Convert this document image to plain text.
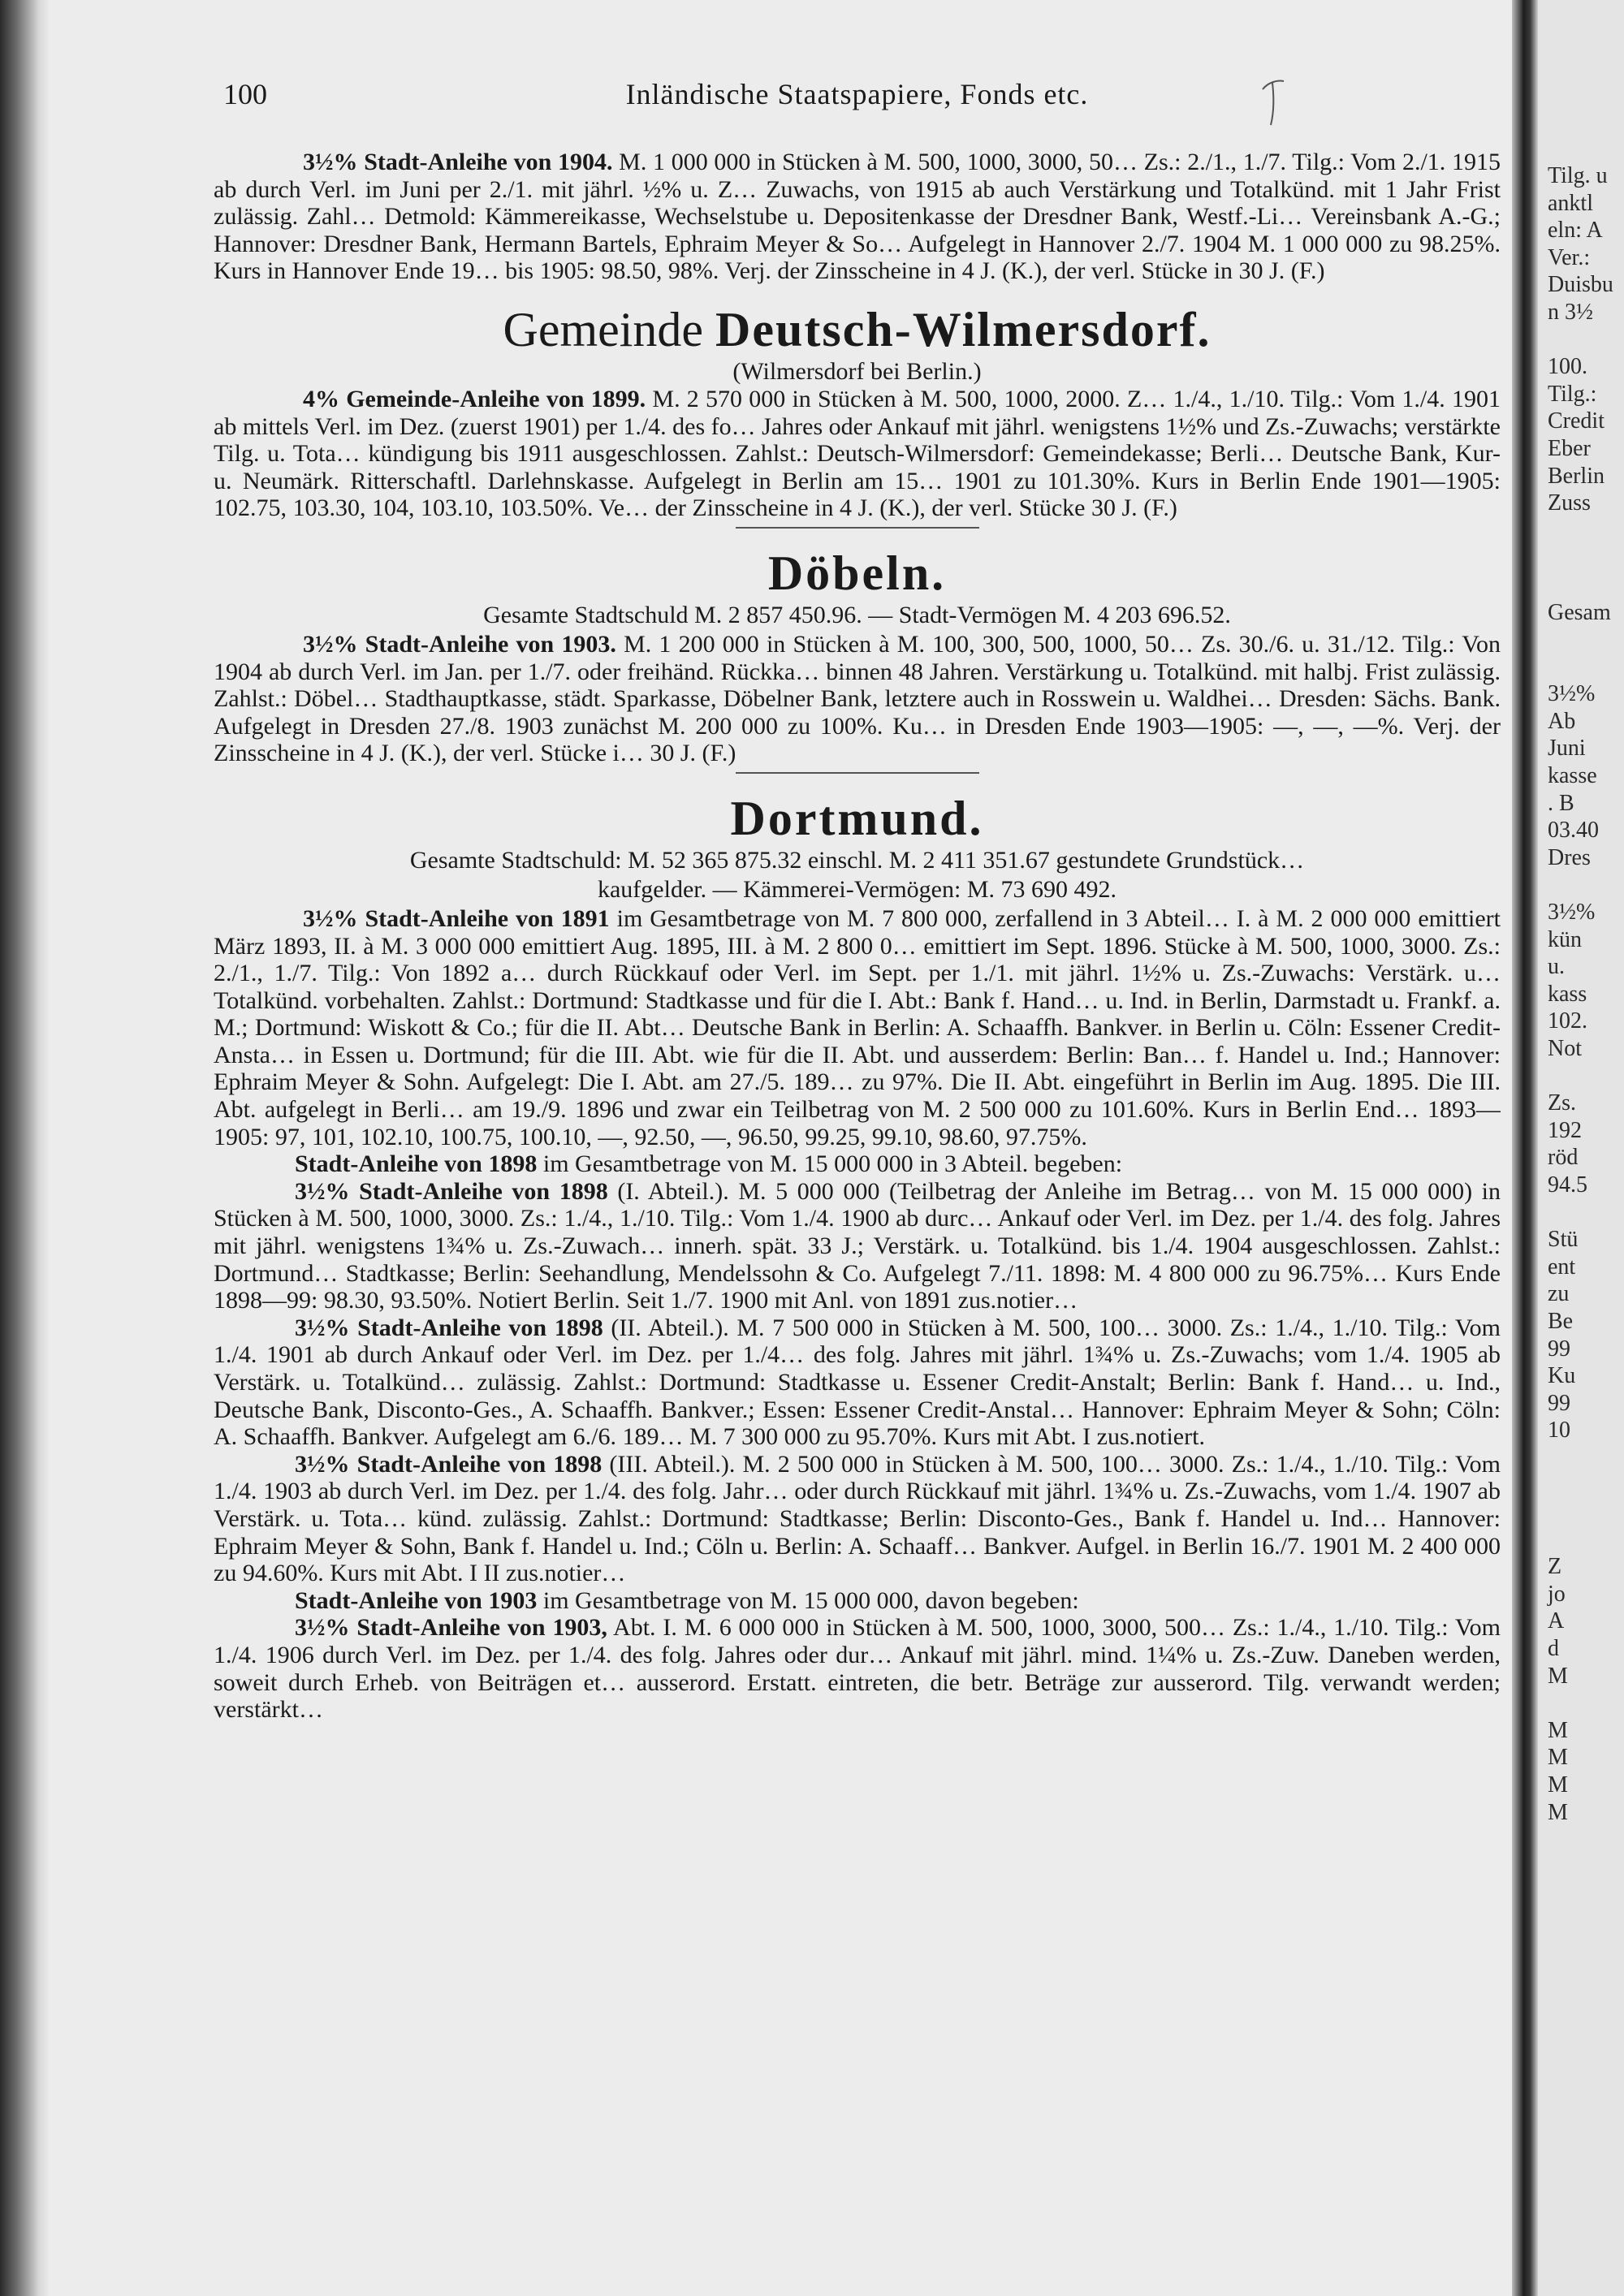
Tilg. u
anktl
eln: A
Ver.:
Duisbu
n 3½

100.
Tilg.:
Credit
Eber
Berlin
Zuss

Gesam

3½%
Ab
Juni
kasse
. B
03.40
Dres

3½%
kün
u.
kass
102.
Not

Zs.
192
röd
94.5

Stü
ent
zu
Be
99
Ku
99
10

Z
jo
A
d
M

M
M
M
M
100	Inländische Staatspapiere, Fonds etc.

3½% Stadt-Anleihe von 1904. M. 1 000 000 in Stücken à M. 500, 1000, 3000, 50… Zs.: 2./1., 1./7. Tilg.: Vom 2./1. 1915 ab durch Verl. im Juni per 2./1. mit jährl. ½% u. Z… Zuwachs, von 1915 ab auch Verstärkung und Totalkünd. mit 1 Jahr Frist zulässig. Zahl… Detmold: Kämmereikasse, Wechselstube u. Depositenkasse der Dresdner Bank, Westf.-Li… Vereinsbank A.-G.; Hannover: Dresdner Bank, Hermann Bartels, Ephraim Meyer & So… Aufgelegt in Hannover 2./7. 1904 M. 1 000 000 zu 98.25%. Kurs in Hannover Ende 19… bis 1905: 98.50, 98%. Verj. der Zinsscheine in 4 J. (K.), der verl. Stücke in 30 J. (F.)

Gemeinde Deutsch-Wilmersdorf.

(Wilmersdorf bei Berlin.)

4% Gemeinde-Anleihe von 1899. M. 2 570 000 in Stücken à M. 500, 1000, 2000. Z… 1./4., 1./10. Tilg.: Vom 1./4. 1901 ab mittels Verl. im Dez. (zuerst 1901) per 1./4. des fo… Jahres oder Ankauf mit jährl. wenigstens 1½% und Zs.-Zuwachs; verstärkte Tilg. u. Tota… kündigung bis 1911 ausgeschlossen. Zahlst.: Deutsch-Wilmersdorf: Gemeindekasse; Berli… Deutsche Bank, Kur- u. Neumärk. Ritterschaftl. Darlehnskasse. Aufgelegt in Berlin am 15… 1901 zu 101.30%. Kurs in Berlin Ende 1901—1905: 102.75, 103.30, 104, 103.10, 103.50%. Ve… der Zinsscheine in 4 J. (K.), der verl. Stücke 30 J. (F.)

Döbeln.

Gesamte Stadtschuld M. 2 857 450.96. — Stadt-Vermögen M. 4 203 696.52.

3½% Stadt-Anleihe von 1903. M. 1 200 000 in Stücken à M. 100, 300, 500, 1000, 50… Zs. 30./6. u. 31./12. Tilg.: Von 1904 ab durch Verl. im Jan. per 1./7. oder freihänd. Rückka… binnen 48 Jahren. Verstärkung u. Totalkünd. mit halbj. Frist zulässig. Zahlst.: Döbel… Stadthauptkasse, städt. Sparkasse, Döbelner Bank, letztere auch in Rosswein u. Waldhei… Dresden: Sächs. Bank. Aufgelegt in Dresden 27./8. 1903 zunächst M. 200 000 zu 100%. Ku… in Dresden Ende 1903—1905: —, —, —%. Verj. der Zinsscheine in 4 J. (K.), der verl. Stücke i… 30 J. (F.)

Dortmund.

Gesamte Stadtschuld: M. 52 365 875.32 einschl. M. 2 411 351.67 gestundete Grundstück…

kaufgelder. — Kämmerei-Vermögen: M. 73 690 492.

3½% Stadt-Anleihe von 1891 im Gesamtbetrage von M. 7 800 000, zerfallend in 3 Abteil… I. à M. 2 000 000 emittiert März 1893, II. à M. 3 000 000 emittiert Aug. 1895, III. à M. 2 800 0… emittiert im Sept. 1896. Stücke à M. 500, 1000, 3000. Zs.: 2./1., 1./7. Tilg.: Von 1892 a… durch Rückkauf oder Verl. im Sept. per 1./1. mit jährl. 1½% u. Zs.-Zuwachs: Verstärk. u… Totalkünd. vorbehalten. Zahlst.: Dortmund: Stadtkasse und für die I. Abt.: Bank f. Hand… u. Ind. in Berlin, Darmstadt u. Frankf. a. M.; Dortmund: Wiskott & Co.; für die II. Abt… Deutsche Bank in Berlin: A. Schaaffh. Bankver. in Berlin u. Cöln: Essener Credit-Ansta… in Essen u. Dortmund; für die III. Abt. wie für die II. Abt. und ausserdem: Berlin: Ban… f. Handel u. Ind.; Hannover: Ephraim Meyer & Sohn. Aufgelegt: Die I. Abt. am 27./5. 189… zu 97%. Die II. Abt. eingeführt in Berlin im Aug. 1895. Die III. Abt. aufgelegt in Berli… am 19./9. 1896 und zwar ein Teilbetrag von M. 2 500 000 zu 101.60%. Kurs in Berlin End… 1893—1905: 97, 101, 102.10, 100.75, 100.10, —, 92.50, —, 96.50, 99.25, 99.10, 98.60, 97.75%.

Stadt-Anleihe von 1898 im Gesamtbetrage von M. 15 000 000 in 3 Abteil. begeben:

3½% Stadt-Anleihe von 1898 (I. Abteil.). M. 5 000 000 (Teilbetrag der Anleihe im Betrag… von M. 15 000 000) in Stücken à M. 500, 1000, 3000. Zs.: 1./4., 1./10. Tilg.: Vom 1./4. 1900 ab durc… Ankauf oder Verl. im Dez. per 1./4. des folg. Jahres mit jährl. wenigstens 1¾% u. Zs.-Zuwach… innerh. spät. 33 J.; Verstärk. u. Totalkünd. bis 1./4. 1904 ausgeschlossen. Zahlst.: Dortmund… Stadtkasse; Berlin: Seehandlung, Mendelssohn & Co. Aufgelegt 7./11. 1898: M. 4 800 000 zu 96.75%… Kurs Ende 1898—99: 98.30, 93.50%. Notiert Berlin. Seit 1./7. 1900 mit Anl. von 1891 zus.notier…

3½% Stadt-Anleihe von 1898 (II. Abteil.). M. 7 500 000 in Stücken à M. 500, 100… 3000. Zs.: 1./4., 1./10. Tilg.: Vom 1./4. 1901 ab durch Ankauf oder Verl. im Dez. per 1./4… des folg. Jahres mit jährl. 1¾% u. Zs.-Zuwachs; vom 1./4. 1905 ab Verstärk. u. Totalkünd… zulässig. Zahlst.: Dortmund: Stadtkasse u. Essener Credit-Anstalt; Berlin: Bank f. Hand… u. Ind., Deutsche Bank, Disconto-Ges., A. Schaaffh. Bankver.; Essen: Essener Credit-Anstal… Hannover: Ephraim Meyer & Sohn; Cöln: A. Schaaffh. Bankver. Aufgelegt am 6./6. 189… M. 7 300 000 zu 95.70%. Kurs mit Abt. I zus.notiert.

3½% Stadt-Anleihe von 1898 (III. Abteil.). M. 2 500 000 in Stücken à M. 500, 100… 3000. Zs.: 1./4., 1./10. Tilg.: Vom 1./4. 1903 ab durch Verl. im Dez. per 1./4. des folg. Jahr… oder durch Rückkauf mit jährl. 1¾% u. Zs.-Zuwachs, vom 1./4. 1907 ab Verstärk. u. Tota… künd. zulässig. Zahlst.: Dortmund: Stadtkasse; Berlin: Disconto-Ges., Bank f. Handel u. Ind… Hannover: Ephraim Meyer & Sohn, Bank f. Handel u. Ind.; Cöln u. Berlin: A. Schaaff… Bankver. Aufgel. in Berlin 16./7. 1901 M. 2 400 000 zu 94.60%. Kurs mit Abt. I II zus.notier…

Stadt-Anleihe von 1903 im Gesamtbetrage von M. 15 000 000, davon begeben:

3½% Stadt-Anleihe von 1903, Abt. I. M. 6 000 000 in Stücken à M. 500, 1000, 3000, 500… Zs.: 1./4., 1./10. Tilg.: Vom 1./4. 1906 durch Verl. im Dez. per 1./4. des folg. Jahres oder dur… Ankauf mit jährl. mind. 1¼% u. Zs.-Zuw. Daneben werden, soweit durch Erheb. von Beiträgen et… ausserord. Erstatt. eintreten, die betr. Beträge zur ausserord. Tilg. verwandt werden; verstärkt…
